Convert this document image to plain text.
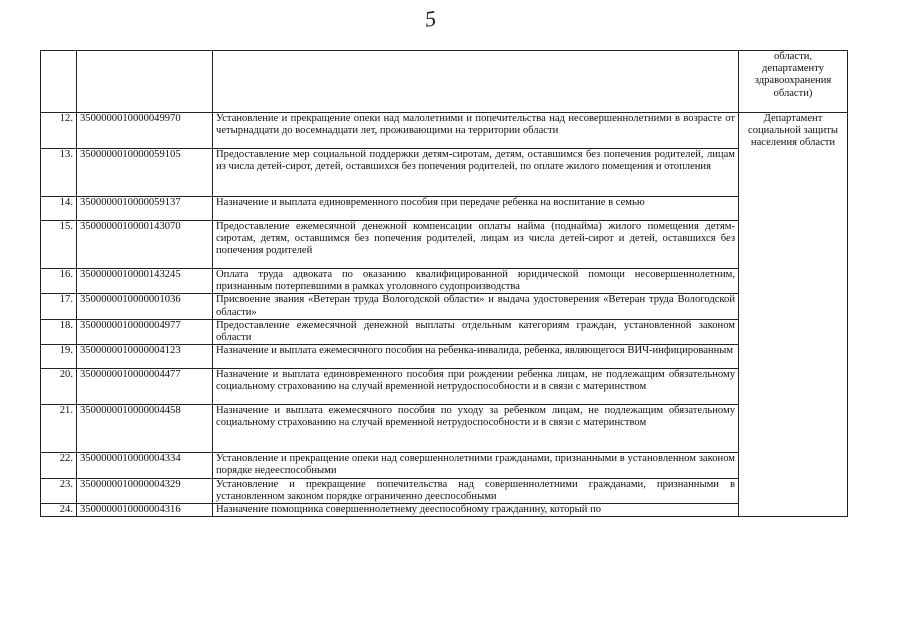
5
			области, департаменту здравоохранения области)
12.	3500000010000049970	Установление и прекращение опеки над малолетними и попечительства над несовершеннолетними в возрасте от четырнадцати до восемнадцати лет, проживающими на территории области	Департамент социальной защиты населения области
13.	3500000010000059105	Предоставление мер социальной поддержки детям-сиротам, детям, оставшимся без попечения родителей, лицам из числа детей-сирот, детей, оставшихся без попечения родителей, по оплате жилого помещения и отопления	
14.	3500000010000059137	Назначение и выплата единовременного пособия при передаче ребенка на воспитание в семью	
15.	3500000010000143070	Предоставление ежемесячной денежной компенсации оплаты найма (поднайма) жилого помещения детям-сиротам, детям, оставшимся без попечения родителей, лицам из числа детей-сирот и детей, оставшихся без попечения родителей	
16.	3500000010000143245	Оплата труда адвоката по оказанию квалифицированной юридической помощи несовершеннолетним, признанным потерпевшими в рамках уголовного судопроизводства	
17.	3500000010000001036	Присвоение звания «Ветеран труда Вологодской области» и выдача удостоверения «Ветеран труда Вологодской области»	
18.	3500000010000004977	Предоставление ежемесячной денежной выплаты отдельным категориям граждан, установленной законом области	
19.	3500000010000004123	Назначение и выплата ежемесячного пособия на ребенка-инвалида, ребенка, являющегося ВИЧ-инфицированным	
20.	3500000010000004477	Назначение и выплата единовременного пособия при рождении ребенка лицам, не подлежащим обязательному социальному страхованию на случай временной нетрудоспособности и в связи с материнством	
21.	3500000010000004458	Назначение и выплата ежемесячного пособия по уходу за ребенком лицам, не подлежащим обязательному социальному страхованию на случай временной нетрудоспособности и в связи с материнством	
22.	3500000010000004334	Установление и прекращение опеки над совершеннолетними гражданами, признанными в установленном законом порядке недееспособными	
23.	3500000010000004329	Установление и прекращение попечительства над совершеннолетними гражданами, признанными в установленном законом порядке ограниченно дееспособными	
24.	3500000010000004316	Назначение помощника совершеннолетнему дееспособному гражданину, который по	
